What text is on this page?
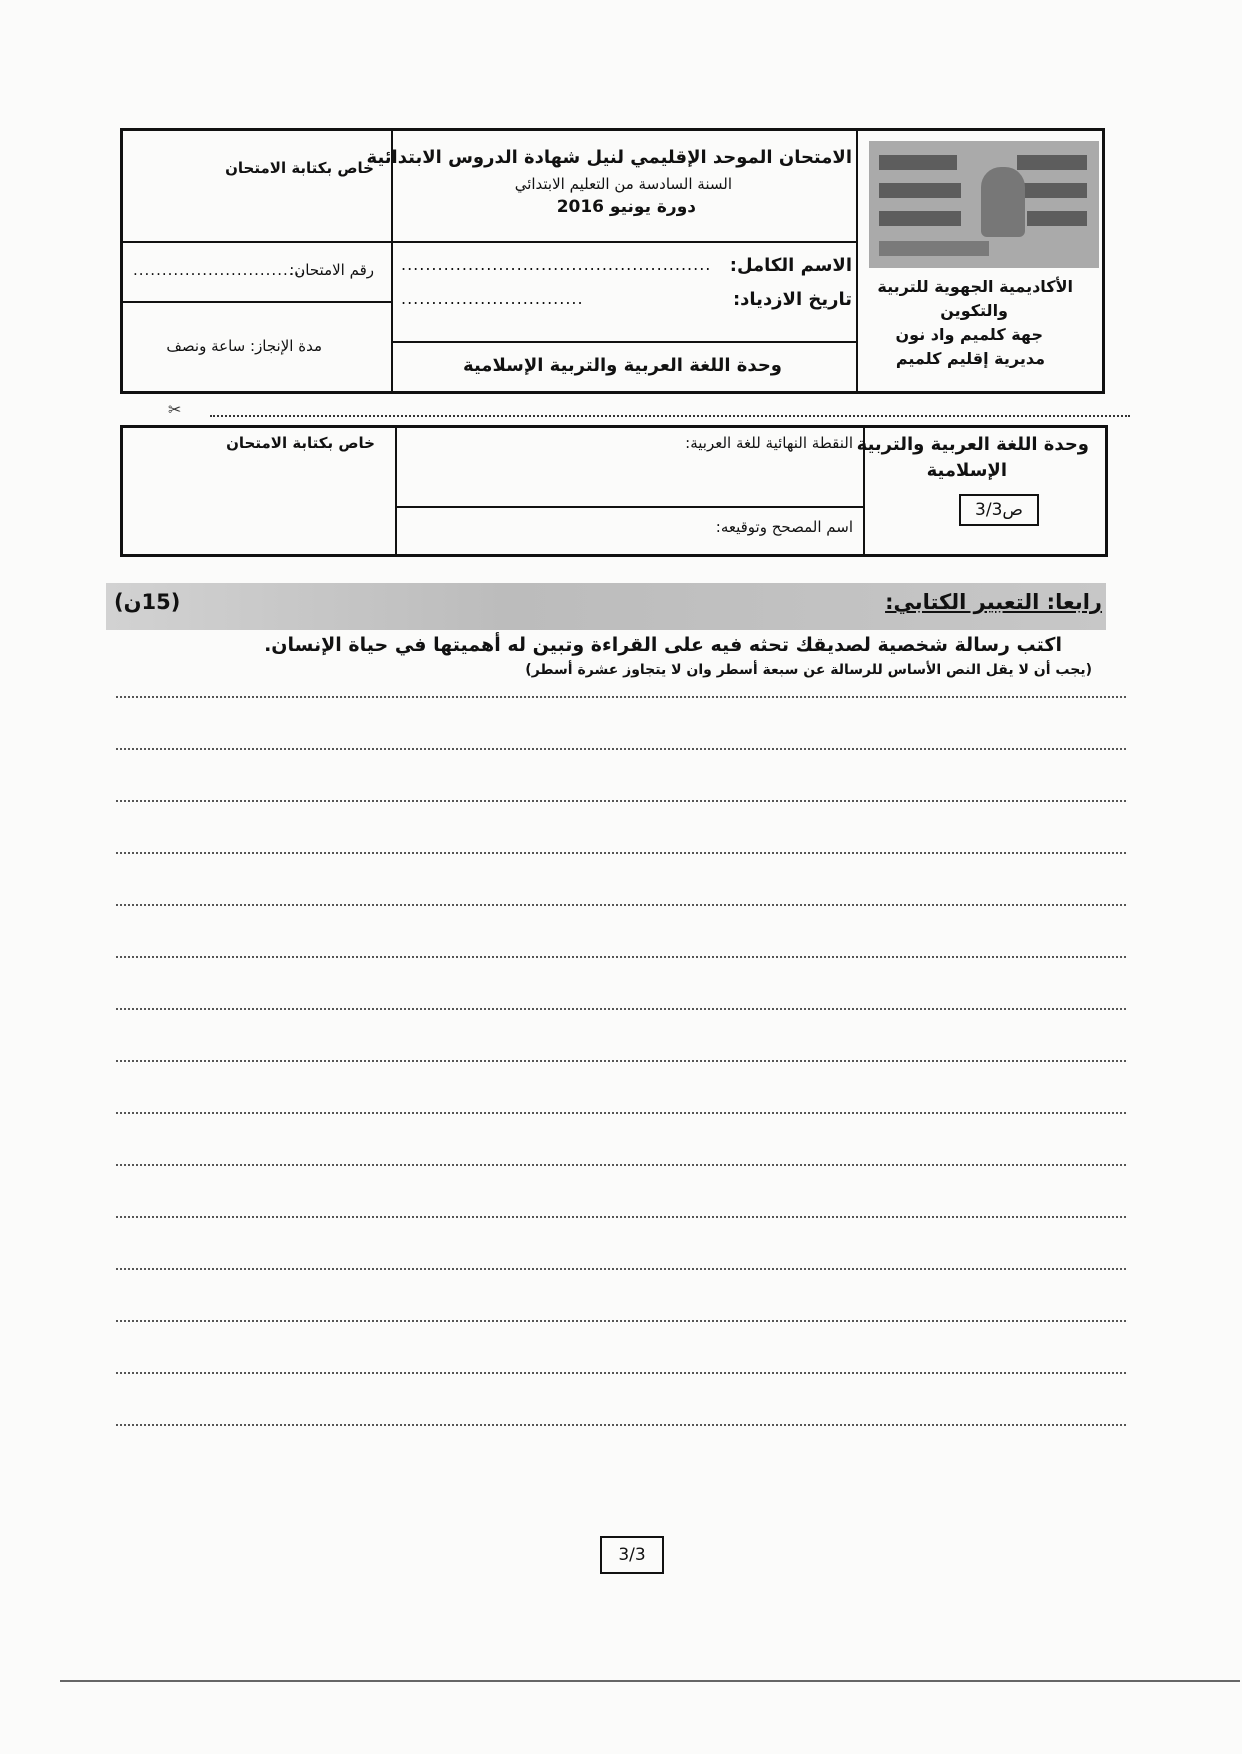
الأكاديمية الجهوية للتربية
والتكوين
جهة كلميم واد نون
مديرية إقليم كلميم
الامتحان الموحد الإقليمي لنيل شهادة الدروس الابتدائية
السنة السادسة من التعليم الابتدائي
دورة يونيو 2016
الاسم الكامل:
...................................................
تاريخ الازدياد:
..............................
وحدة اللغة العربية والتربية الإسلامية
خاص بكتابة الامتحان
رقم الامتحان:
..............................
مدة الإنجاز: ساعة ونصف
✂
وحدة اللغة العربية والتربية
الإسلامية
ص3/3
النقطة النهائية للغة العربية:
اسم المصحح وتوقيعه:
خاص بكتابة الامتحان
رابعا: التعبير الكتابي:
(15ن)
اكتب رسالة شخصية لصديقك تحثه فيه على القراءة وتبين له أهميتها في حياة الإنسان.
(يجب أن لا يقل النص الأساس للرسالة عن سبعة أسطر وان لا يتجاوز عشرة أسطر)
3/3
